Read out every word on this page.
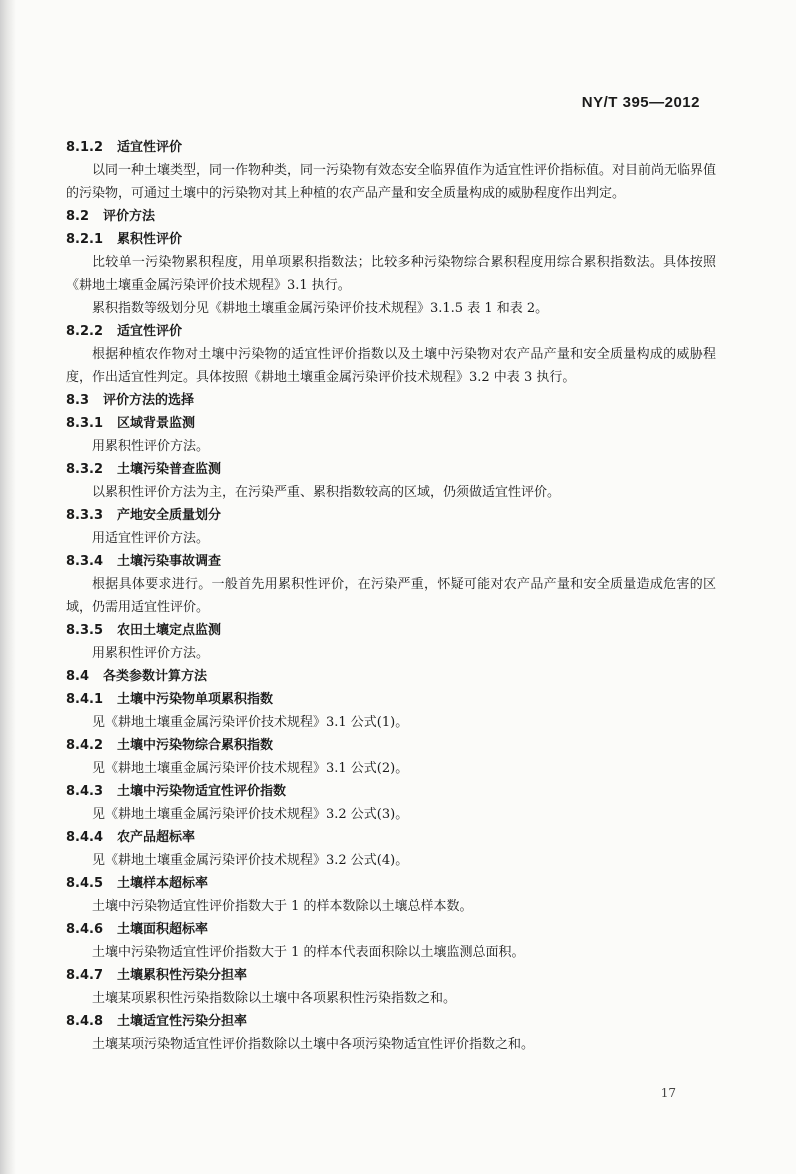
NY/T 395—2012
8.1.2 适宜性评价

以同一种土壤类型，同一作物种类，同一污染物有效态安全临界值作为适宜性评价指标值。对目前尚无临界值的污染物，可通过土壤中的污染物对其上种植的农产品产量和安全质量构成的威胁程度作出判定。

8.2 评价方法
8.2.1 累积性评价

比较单一污染物累积程度，用单项累积指数法；比较多种污染物综合累积程度用综合累积指数法。具体按照《耕地土壤重金属污染评价技术规程》3.1 执行。

累积指数等级划分见《耕地土壤重金属污染评价技术规程》3.1.5 表 1 和表 2。

8.2.2 适宜性评价

根据种植农作物对土壤中污染物的适宜性评价指数以及土壤中污染物对农产品产量和安全质量构成的威胁程度，作出适宜性判定。具体按照《耕地土壤重金属污染评价技术规程》3.2 中表 3 执行。

8.3 评价方法的选择
8.3.1 区域背景监测

用累积性评价方法。

8.3.2 土壤污染普查监测

以累积性评价方法为主，在污染严重、累积指数较高的区域，仍须做适宜性评价。

8.3.3 产地安全质量划分

用适宜性评价方法。

8.3.4 土壤污染事故调查

根据具体要求进行。一般首先用累积性评价，在污染严重，怀疑可能对农产品产量和安全质量造成危害的区域，仍需用适宜性评价。

8.3.5 农田土壤定点监测

用累积性评价方法。

8.4 各类参数计算方法
8.4.1 土壤中污染物单项累积指数

见《耕地土壤重金属污染评价技术规程》3.1 公式(1)。

8.4.2 土壤中污染物综合累积指数

见《耕地土壤重金属污染评价技术规程》3.1 公式(2)。

8.4.3 土壤中污染物适宜性评价指数

见《耕地土壤重金属污染评价技术规程》3.2 公式(3)。

8.4.4 农产品超标率

见《耕地土壤重金属污染评价技术规程》3.2 公式(4)。

8.4.5 土壤样本超标率

土壤中污染物适宜性评价指数大于 1 的样本数除以土壤总样本数。

8.4.6 土壤面积超标率

土壤中污染物适宜性评价指数大于 1 的样本代表面积除以土壤监测总面积。

8.4.7 土壤累积性污染分担率

土壤某项累积性污染指数除以土壤中各项累积性污染指数之和。

8.4.8 土壤适宜性污染分担率

土壤某项污染物适宜性评价指数除以土壤中各项污染物适宜性评价指数之和。

17
